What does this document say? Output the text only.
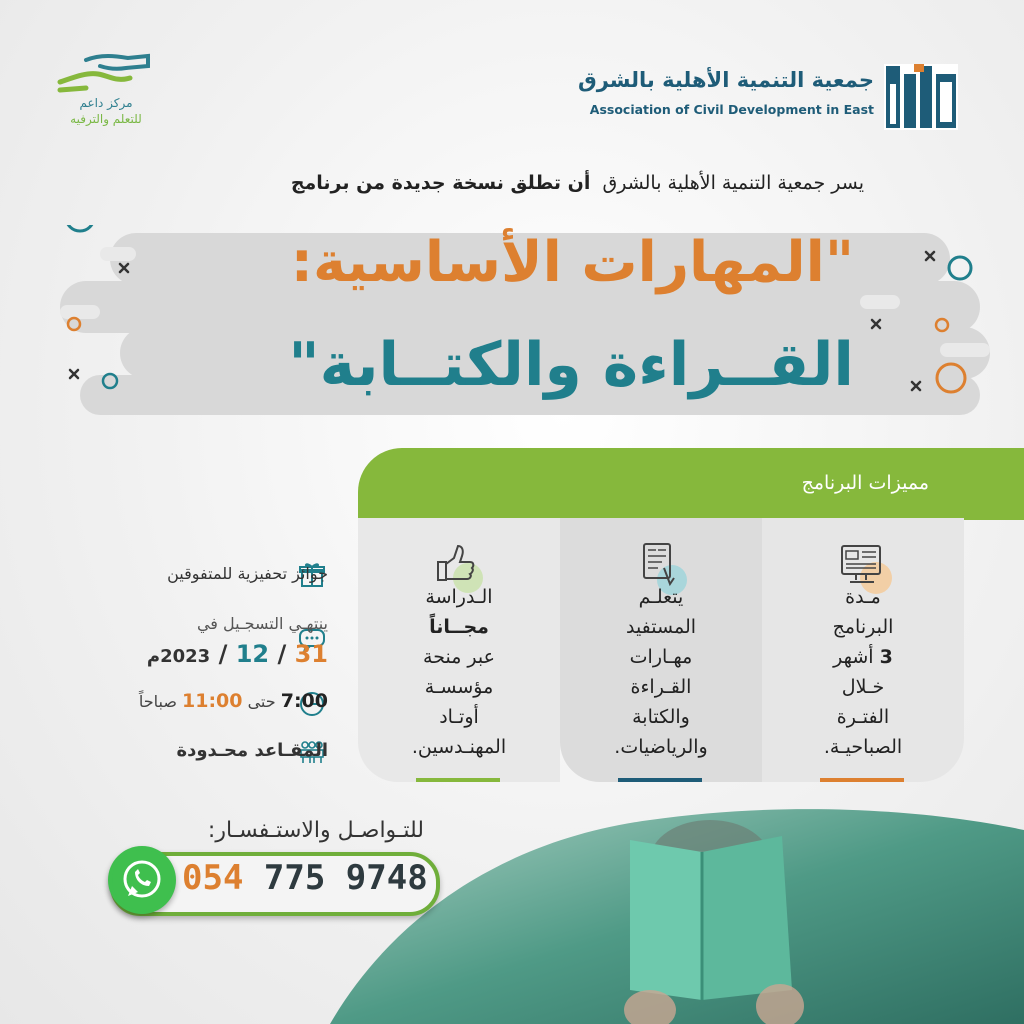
جمعية التنمية الأهلية بالشرق
Association of Civil Development in East
مركز داعم
للتعلم والترفيه
يسر جمعية التنمية الأهلية بالشرق  أن تطلق نسخة جديدة من برنامج
"المهارات الأساسية:
القــراءة والكتــابة"
مميزات البرنامج
مـدة
البرنامج
3 أشهر
خـلال
الفتـرة
الصباحيـة.
يتعلـم
المستفيد
مهـارات
القـراءة
والكتابة
والرياضيات.
الـدراسة
مجــاناً
عبر منحة
مؤسسـة
أوتـاد
المهنـدسين.
جوائز تحفيزية للمتفوقين
ينتهـي التسجـيل في
31 / 12 / 2023م
7:00 حتى 11:00 صباحاً
المقـاعد محـدودة
للتـواصـل والاستـفسـار:
054 775 9748
